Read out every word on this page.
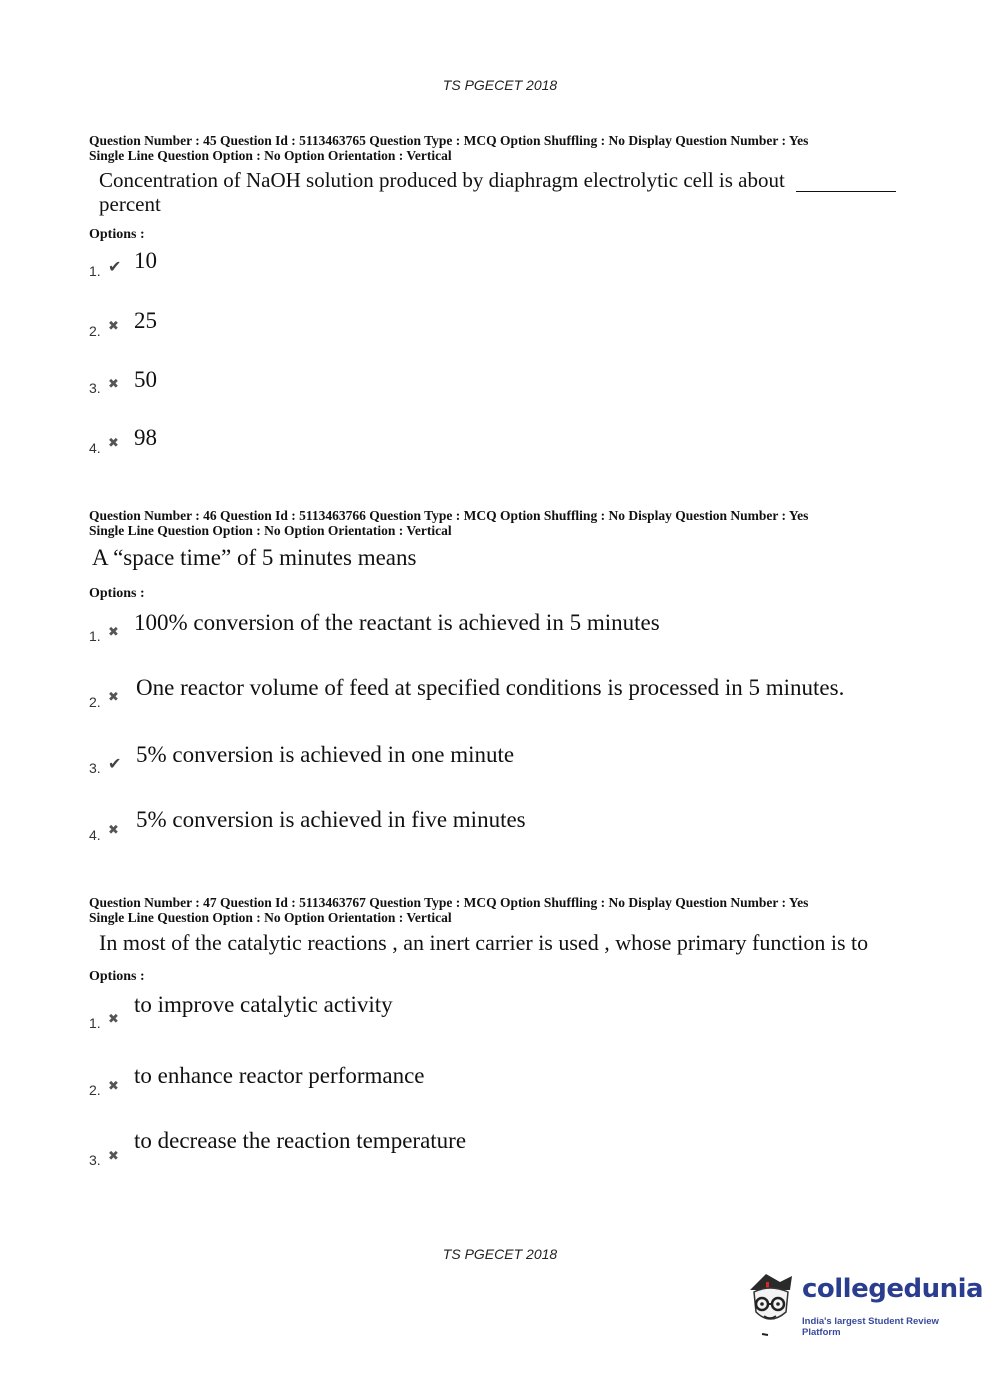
TS PGECET 2018
Question Number : 45 Question Id : 5113463765 Question Type : MCQ Option Shuffling : No Display Question Number : Yes
Single Line Question Option : No Option Orientation : Vertical
Concentration of NaOH solution produced by diaphragm electrolytic cell is about
percent
Options :
1. ✔ 10
2. ✖ 25
3. ✖ 50
4. ✖ 98
Question Number : 46 Question Id : 5113463766 Question Type : MCQ Option Shuffling : No Display Question Number : Yes
Single Line Question Option : No Option Orientation : Vertical
A “space time” of 5 minutes means
Options :
1. ✖ 100% conversion of the reactant is achieved in 5 minutes
2. ✖ One reactor volume of feed at specified conditions is processed in 5 minutes.
3. ✔ 5% conversion is achieved in one minute
4. ✖ 5% conversion is achieved in five minutes
Question Number : 47 Question Id : 5113463767 Question Type : MCQ Option Shuffling : No Display Question Number : Yes
Single Line Question Option : No Option Orientation : Vertical
In most of the catalytic reactions , an inert carrier is used , whose primary function is to
Options :
1. ✖
to improve catalytic activity
2. ✖ to enhance reactor performance
3. ✖
to decrease the reaction temperature
TS PGECET 2018
collegedunia
India's largest Student Review Platform
